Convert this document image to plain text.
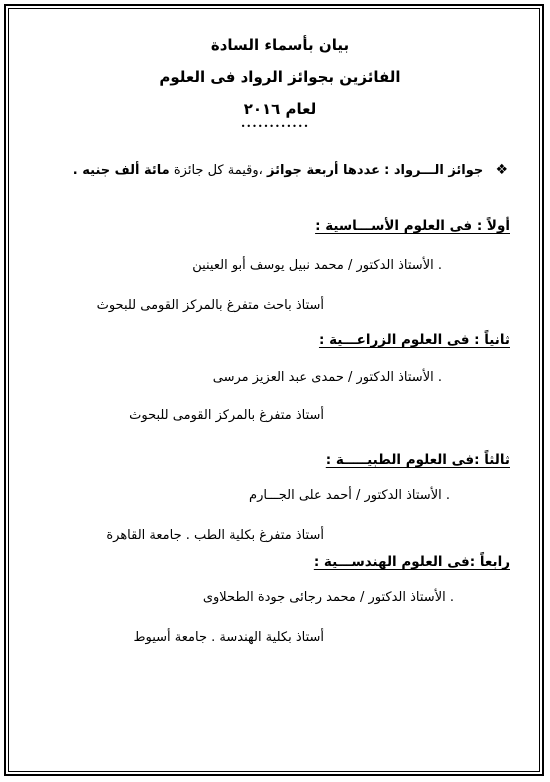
بيان بأسماء السادة
الفائزين بجوائز الرواد فى العلوم
لعام ٢٠١٦
••••••••••••
❖ جوائز الـــرواد : عددها أربعة جوائز ،وقيمة كل جائزة مائة ألف جنيه .
أولاً : فى العلوم الأســـاسية :
. الأستاذ الدكتور / محمد نبيل يوسف أبو العينين
أستاذ باحث متفرغ بالمركز القومى للبحوث
ثانياً : فى العلوم الزراعـــية :
. الأستاذ الدكتور / حمدى عبد العزيز مرسى
أستاذ متفرغ بالمركز القومى للبحوث
ثالثاً :فى العلوم الطبيـــــة :
. الأستاذ الدكتور / أحمد على الجـــارم
أستاذ متفرغ بكلية الطب . جامعة القاهرة
رابعاً :فى العلوم الهندســـية :
. الأستاذ الدكتور / محمد رجائى جودة الطحلاوى
أستاذ بكلية الهندسة . جامعة أسيوط
